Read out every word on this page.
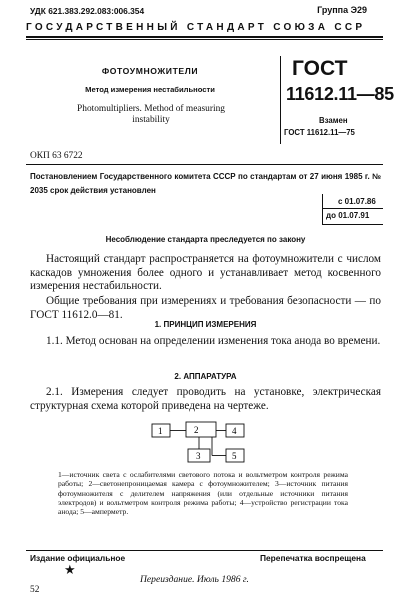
УДК 621.383.292.083:006.354	Группа Э29
ГОСУДАРСТВЕННЫЙ СТАНДАРТ СОЮЗА ССР
ФОТОУМНОЖИТЕЛИ
Метод измерения нестабильности
Photomultipliers. Method of measuring
instability
ГОСТ
11612.11—85
Взамен
ГОСТ 11612.11—75
ОКП 63 6722
Постановлением Государственного комитета СССР по стандартам от 27 июня 1985 г. № 2035 срок действия установлен
с 01.07.86
до 01.07.91
Несоблюдение стандарта преследуется по закону
Настоящий стандарт распространяется на фотоумножители с числом каскадов умножения более одного и устанавливает метод косвенного измерения нестабильности.
Общие требования при измерениях и требования безопасности — по ГОСТ 11612.0—81.
1. ПРИНЦИП ИЗМЕРЕНИЯ
1.1. Метод основан на определении изменения тока анода во времени.
2. АППАРАТУРА
2.1. Измерения следует проводить на установке, электрическая структурная схема которой приведена на чертеже.
1	2	4
3	5
1—источник света с ослабителями светового потока и вольтметром контроля режима работы; 2—светонепроницаемая камера с фотоумножителем; 3—источник питания фотоумножителя с делителем напряжения (или отдельные источники питания электродов) и вольтметром контроля режима работы; 4—устройство регистрации тока анода; 5—амперметр.
Издание официальное	Перепечатка воспрещена
★
Переиздание. Июль 1986 г.
52
